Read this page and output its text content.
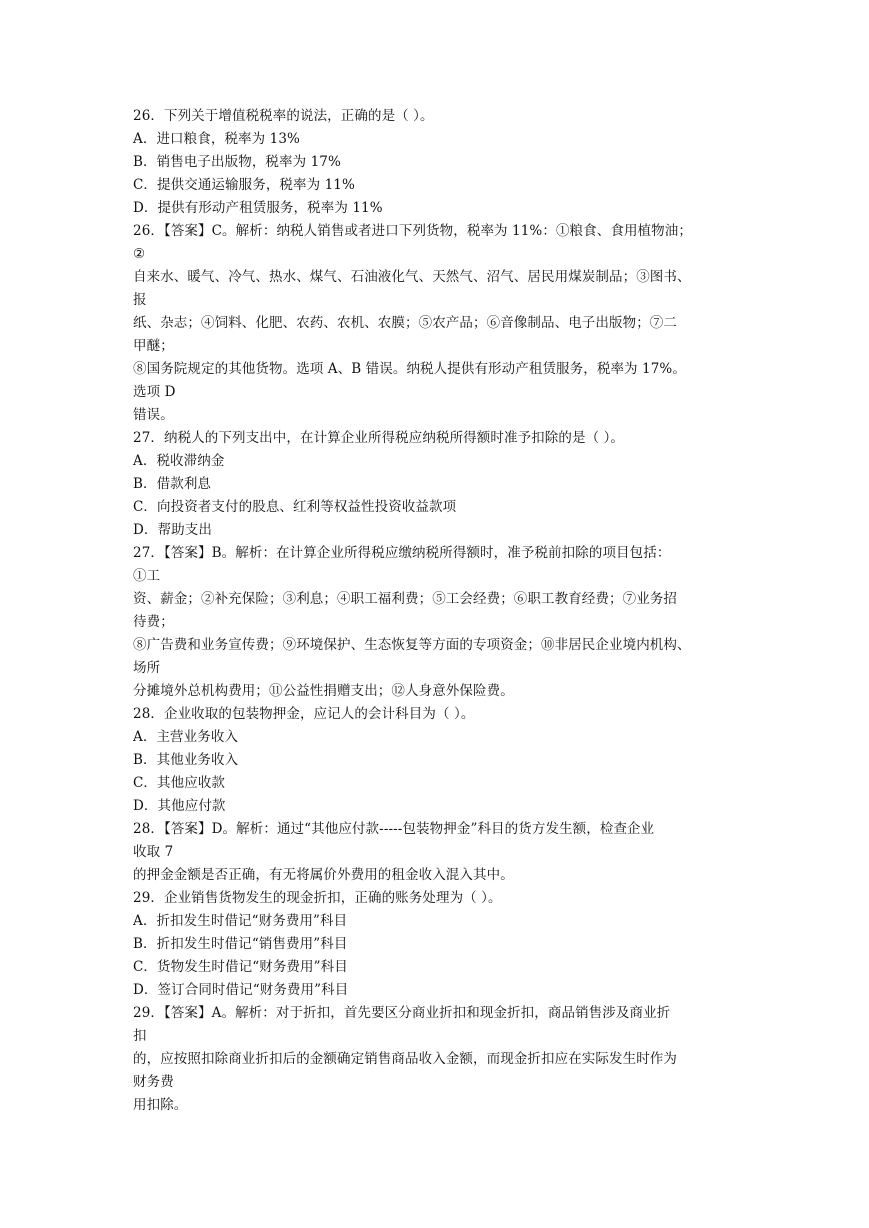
26．下列关于增值税税率的说法，正确的是（ ）。
A．进口粮食，税率为 13%
B．销售电子出版物，税率为 17%
C．提供交通运输服务，税率为 11%
D．提供有形动产租赁服务，税率为 11%
26．【答案】C。解析：纳税人销售或者进口下列货物，税率为 11%：①粮食、食用植物油；
②
自来水、暖气、冷气、热水、煤气、石油液化气、天然气、沼气、居民用煤炭制品；③图书、
报
纸、杂志；④饲料、化肥、农药、农机、农膜；⑤农产品；⑥音像制品、电子出版物；⑦二
甲醚；
⑧国务院规定的其他货物。选项 A、B 错误。纳税人提供有形动产租赁服务，税率为 17%。
选项 D
错误。
27．纳税人的下列支出中，在计算企业所得税应纳税所得额时准予扣除的是（ ）。
A．税收滞纳金
B．借款利息
C．向投资者支付的股息、红利等权益性投资收益款项
D．帮助支出
27．【答案】B。解析：在计算企业所得税应缴纳税所得额时，准予税前扣除的项目包括：
①工
资、薪金；②补充保险；③利息；④职工福利费；⑤工会经费；⑥职工教育经费；⑦业务招
待费；
⑧广告费和业务宣传费；⑨环境保护、生态恢复等方面的专项资金；⑩非居民企业境内机构、
场所
分摊境外总机构费用；⑪公益性捐赠支出；⑫人身意外保险费。
28．企业收取的包装物押金，应记人的会计科目为（ ）。
A．主营业务收入
B．其他业务收入
C．其他应收款
D．其他应付款
28．【答案】D。解析：通过“其他应付款-----包装物押金”科目的货方发生额，检查企业
收取 7
的押金金额是否正确，有无将属价外费用的租金收入混入其中。
29．企业销售货物发生的现金折扣，正确的账务处理为（ ）。
A．折扣发生时借记“财务费用”科目
B．折扣发生时借记“销售费用”科目
C．货物发生时借记“财务费用”科目
D．签订合同时借记“财务费用”科目
29．【答案】A。解析：对于折扣，首先要区分商业折扣和现金折扣，商品销售涉及商业折
扣
的，应按照扣除商业折扣后的金额确定销售商品收入金额，而现金折扣应在实际发生时作为
财务费
用扣除。
